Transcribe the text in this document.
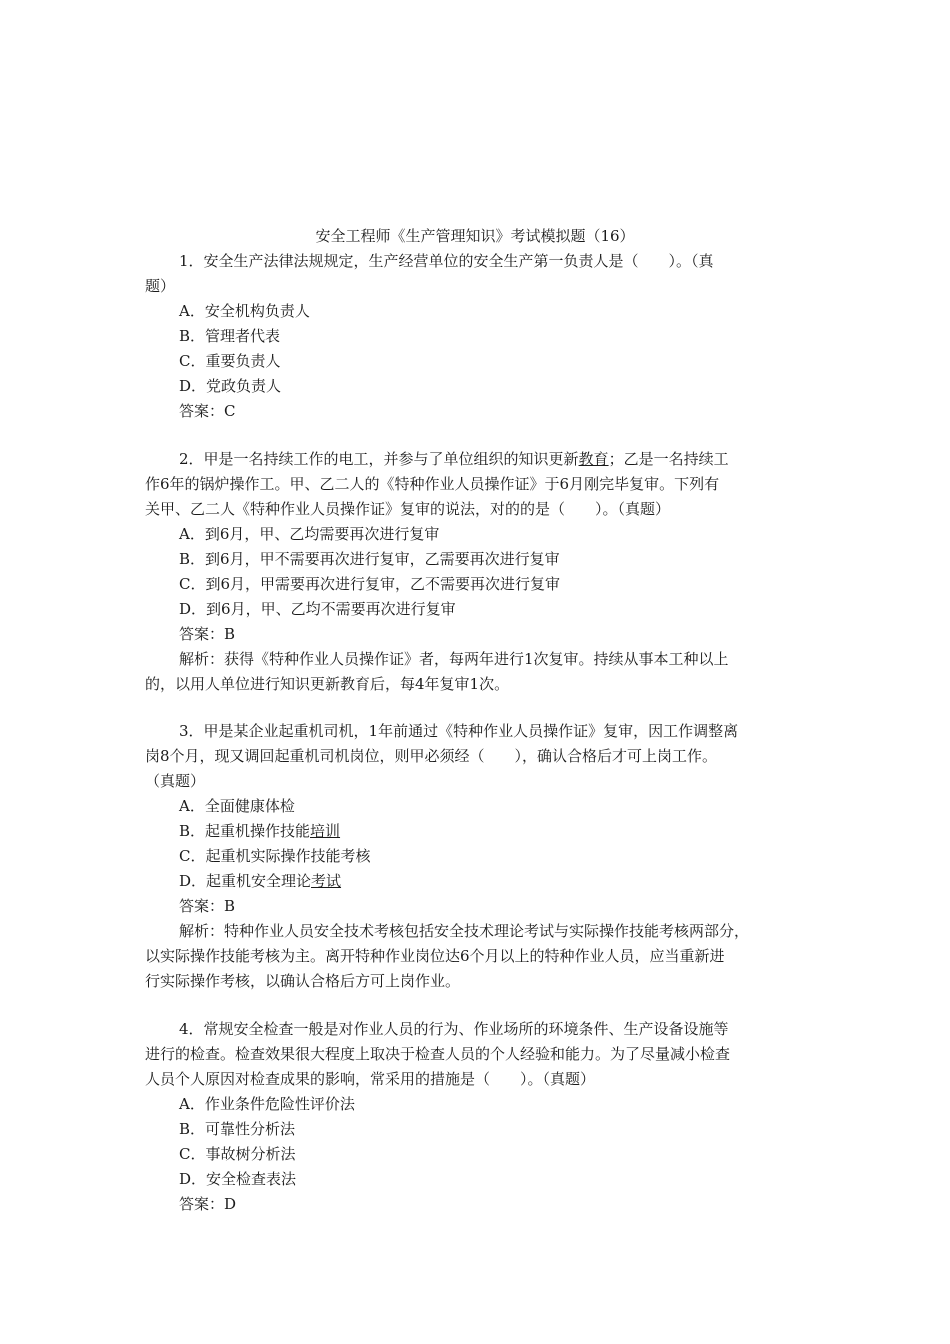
安全工程师《生产管理知识》考试模拟题（16）
1．安全生产法律法规规定，生产经营单位的安全生产第一负责人是（　　）。（真
题）
A．安全机构负责人
B．管理者代表
C．重要负责人
D．党政负责人
答案：C
2．甲是一名持续工作的电工，并参与了单位组织的知识更新教育；乙是一名持续工
作6年的锅炉操作工。甲、乙二人的《特种作业人员操作证》于6月刚完毕复审。下列有
关甲、乙二人《特种作业人员操作证》复审的说法，对的的是（　　）。（真题）
A．到6月，甲、乙均需要再次进行复审
B．到6月，甲不需要再次进行复审，乙需要再次进行复审
C．到6月，甲需要再次进行复审，乙不需要再次进行复审
D．到6月，甲、乙均不需要再次进行复审
答案：B
解析：获得《特种作业人员操作证》者，每两年进行1次复审。持续从事本工种以上
的，以用人单位进行知识更新教育后，每4年复审1次。
3．甲是某企业起重机司机，1年前通过《特种作业人员操作证》复审，因工作调整离
岗8个月，现又调回起重机司机岗位，则甲必须经（　　），确认合格后才可上岗工作。
（真题）
A．全面健康体检
B．起重机操作技能培训
C．起重机实际操作技能考核
D．起重机安全理论考试
答案：B
解析：特种作业人员安全技术考核包括安全技术理论考试与实际操作技能考核两部分，
以实际操作技能考核为主。离开特种作业岗位达6个月以上的特种作业人员，应当重新进
行实际操作考核，以确认合格后方可上岗作业。
4．常规安全检查一般是对作业人员的行为、作业场所的环境条件、生产设备设施等
进行的检查。检查效果很大程度上取决于检查人员的个人经验和能力。为了尽量减小检查
人员个人原因对检查成果的影响，常采用的措施是（　　）。（真题）
A．作业条件危险性评价法
B．可靠性分析法
C．事故树分析法
D．安全检查表法
答案：D
